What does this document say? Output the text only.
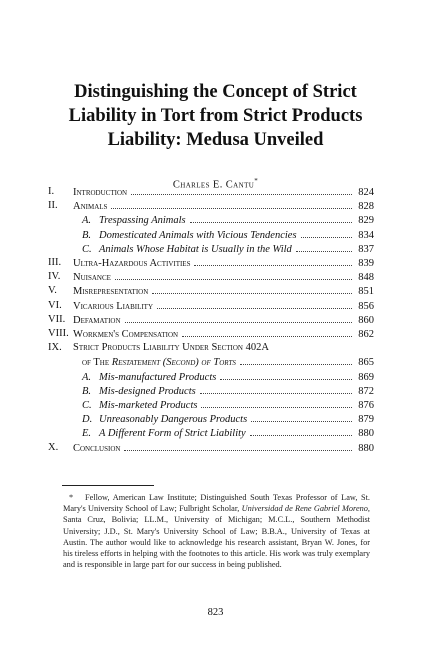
Distinguishing the Concept of Strict
Liability in Tort from Strict Products
Liability: Medusa Unveiled
Charles E. Cantu*
I. Introduction	824
II. Animals	828
A. Trespassing Animals	829
B. Domesticated Animals with Vicious Tendencies	834
C. Animals Whose Habitat is Usually in the Wild	837
III. Ultra-Hazardous Activities	839
IV. Nuisance	848
V. Misrepresentation	851
VI. Vicarious Liability	856
VII. Defamation	860
VIII. Workmen's Compensation	862
IX. Strict Products Liability Under Section 402A
of The Restatement (Second) of Torts	865
A. Mis-manufactured Products	869
B. Mis-designed Products	872
C. Mis-marketed Products	876
D. Unreasonably Dangerous Products	879
E. A Different Form of Strict Liability	880
X. Conclusion	880
* Fellow, American Law Institute; Distinguished South Texas Professor of Law, St. Mary's University School of Law; Fulbright Scholar, Universidad de Rene Gabriel Moreno, Santa Cruz, Bolivia; LL.M., University of Michigan; M.C.L., Southern Methodist University; J.D., St. Mary's University School of Law; B.B.A., University of Texas at Austin. The author would like to acknowledge his research assistant, Bryan W. Jones, for his tireless efforts in helping with the footnotes to this article. His work was truly exemplary and is responsible in large part for our success in being published.
823
